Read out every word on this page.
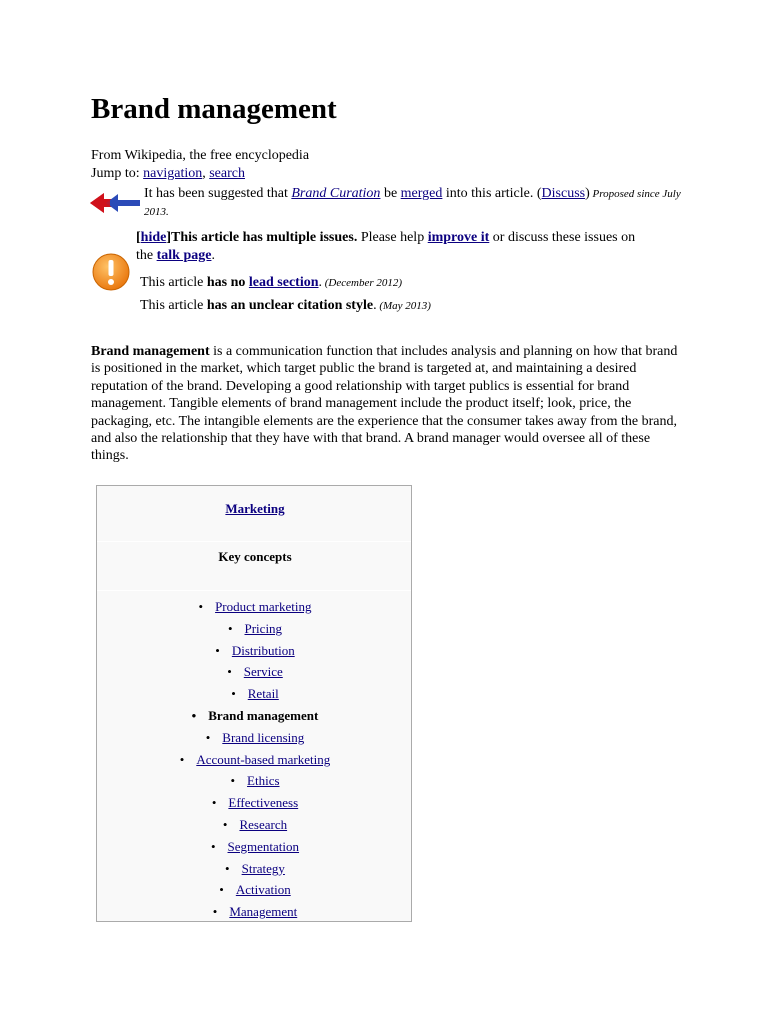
Brand management
From Wikipedia, the free encyclopedia
Jump to: navigation, search
It has been suggested that Brand Curation be merged into this article. (Discuss) Proposed since July 2013.
[hide]This article has multiple issues. Please help improve it or discuss these issues on the talk page.
This article has no lead section. (December 2012)
This article has an unclear citation style. (May 2013)

Brand management is a communication function that includes analysis and planning on how that brand is positioned in the market, which target public the brand is targeted at, and maintaining a desired reputation of the brand. Developing a good relationship with target publics is essential for brand management. Tangible elements of brand management include the product itself; look, price, the packaging, etc. The intangible elements are the experience that the consumer takes away from the brand, and also the relationship that they have with that brand. A brand manager would oversee all of these things.

Marketing
Key concepts
• Product marketing
• Pricing
• Distribution
• Service
• Retail
• Brand management
• Brand licensing
• Account-based marketing
• Ethics
• Effectiveness
• Research
• Segmentation
• Strategy
• Activation
• Management
